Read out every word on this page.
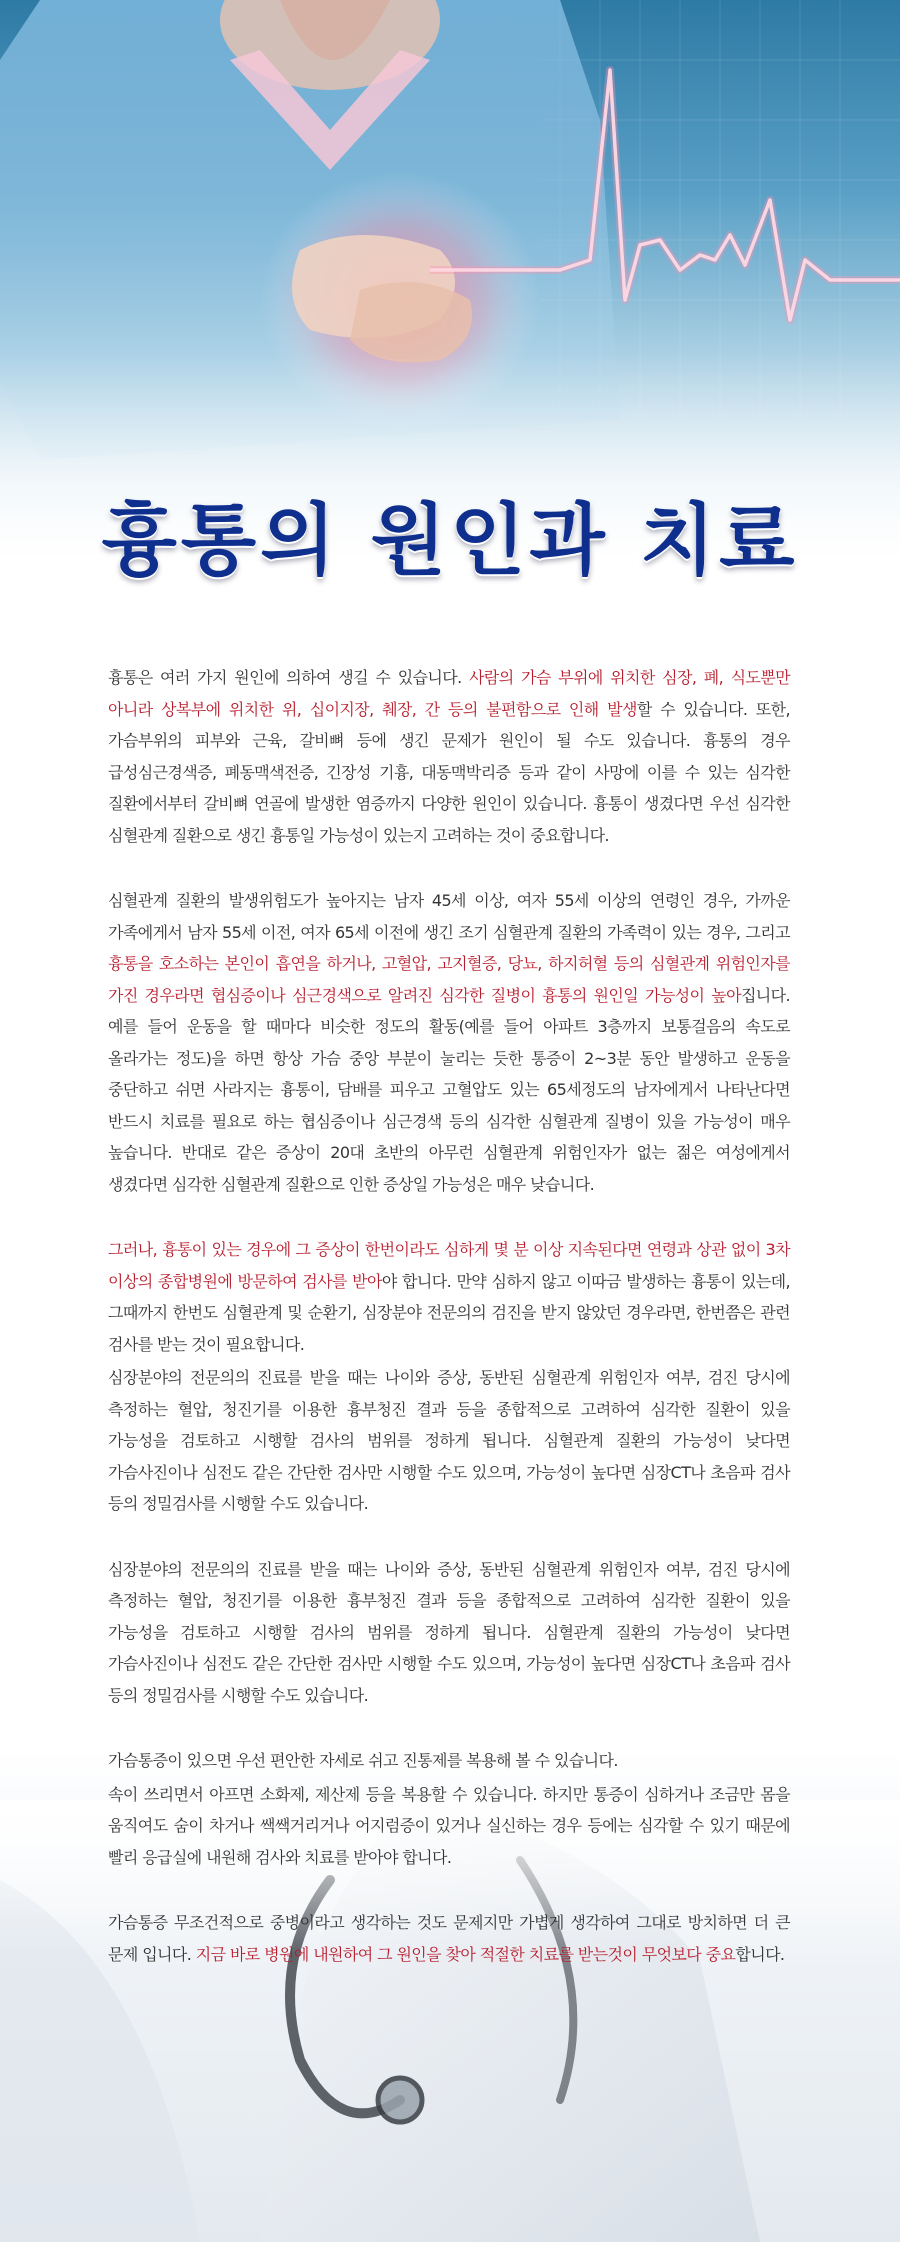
흉통의 원인과 치료

흉통은 여러 가지 원인에 의하여 생길 수 있습니다. 사람의 가슴 부위에 위치한 심장, 폐, 식도뿐만 아니라 상복부에 위치한 위, 십이지장, 췌장, 간 등의 불편함으로 인해 발생할 수 있습니다. 또한, 가슴부위의 피부와 근육, 갈비뼈 등에 생긴 문제가 원인이 될 수도 있습니다. 흉통의 경우 급성심근경색증, 폐동맥색전증, 긴장성 기흉, 대동맥박리증 등과 같이 사망에 이를 수 있는 심각한 질환에서부터 갈비뼈 연골에 발생한 염증까지 다양한 원인이 있습니다. 흉통이 생겼다면 우선 심각한 심혈관계 질환으로 생긴 흉통일 가능성이 있는지 고려하는 것이 중요합니다.

심혈관계 질환의 발생위험도가 높아지는 남자 45세 이상, 여자 55세 이상의 연령인 경우, 가까운 가족에게서 남자 55세 이전, 여자 65세 이전에 생긴 조기 심혈관계 질환의 가족력이 있는 경우, 그리고 흉통을 호소하는 본인이 흡연을 하거나, 고혈압, 고지혈증, 당뇨, 하지허혈 등의 심혈관계 위험인자를 가진 경우라면 협심증이나 심근경색으로 알려진 심각한 질병이 흉통의 원인일 가능성이 높아집니다. 예를 들어 운동을 할 때마다 비슷한 정도의 활동(예를 들어 아파트 3층까지 보통걸음의 속도로 올라가는 정도)을 하면 항상 가슴 중앙 부분이 눌리는 듯한 통증이 2~3분 동안 발생하고 운동을 중단하고 쉬면 사라지는 흉통이, 담배를 피우고 고혈압도 있는 65세정도의 남자에게서 나타난다면 반드시 치료를 필요로 하는 협심증이나 심근경색 등의 심각한 심혈관계 질병이 있을 가능성이 매우 높습니다. 반대로 같은 증상이 20대 초반의 아무런 심혈관계 위험인자가 없는 젊은 여성에게서 생겼다면 심각한 심혈관계 질환으로 인한 증상일 가능성은 매우 낮습니다.

그러나, 흉통이 있는 경우에 그 증상이 한번이라도 심하게 몇 분 이상 지속된다면 연령과 상관 없이 3차 이상의 종합병원에 방문하여 검사를 받아야 합니다. 만약 심하지 않고 이따금 발생하는 흉통이 있는데, 그때까지 한번도 심혈관계 및 순환기, 심장분야 전문의의 검진을 받지 않았던 경우라면, 한번쯤은 관련 검사를 받는 것이 필요합니다.

심장분야의 전문의의 진료를 받을 때는 나이와 증상, 동반된 심혈관계 위험인자 여부, 검진 당시에 측정하는 혈압, 청진기를 이용한 흉부청진 결과 등을 종합적으로 고려하여 심각한 질환이 있을 가능성을 검토하고 시행할 검사의 범위를 정하게 됩니다. 심혈관계 질환의 가능성이 낮다면 가슴사진이나 심전도 같은 간단한 검사만 시행할 수도 있으며, 가능성이 높다면 심장CT나 초음파 검사 등의 정밀검사를 시행할 수도 있습니다.

심장분야의 전문의의 진료를 받을 때는 나이와 증상, 동반된 심혈관계 위험인자 여부, 검진 당시에 측정하는 혈압, 청진기를 이용한 흉부청진 결과 등을 종합적으로 고려하여 심각한 질환이 있을 가능성을 검토하고 시행할 검사의 범위를 정하게 됩니다. 심혈관계 질환의 가능성이 낮다면 가슴사진이나 심전도 같은 간단한 검사만 시행할 수도 있으며, 가능성이 높다면 심장CT나 초음파 검사 등의 정밀검사를 시행할 수도 있습니다.

가슴통증이 있으면 우선 편안한 자세로 쉬고 진통제를 복용해 볼 수 있습니다.

속이 쓰리면서 아프면 소화제, 제산제 등을 복용할 수 있습니다. 하지만 통증이 심하거나 조금만 몸을 움직여도 숨이 차거나 쌕쌕거리거나 어지럼증이 있거나 실신하는 경우 등에는 심각할 수 있기 때문에 빨리 응급실에 내원해 검사와 치료를 받아야 합니다.

가슴통증 무조건적으로 중병이라고 생각하는 것도 문제지만 가볍게 생각하여 그대로 방치하면 더 큰 문제 입니다. 지금 바로 병원에 내원하여 그 원인을 찾아 적절한 치료를 받는것이 무엇보다 중요합니다.
